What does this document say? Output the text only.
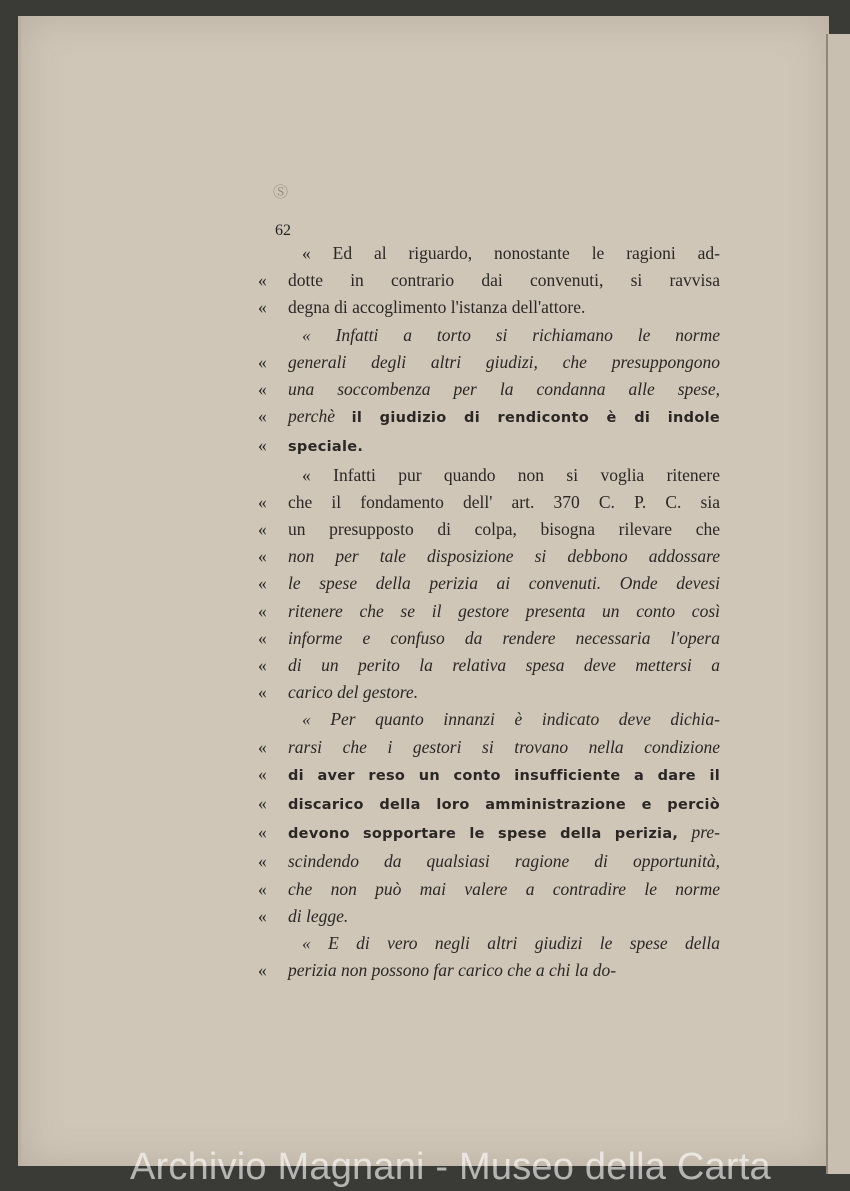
Ⓢ
62
« Ed al riguardo, nonostante le ragioni ad-
« dotte in contrario dai convenuti, si ravvisa
« degna di accoglimento l'istanza dell'attore.
« Infatti a torto si richiamano le norme
« generali degli altri giudizi, che presuppongono
« una soccombenza per la condanna alle spese,
« perchè il giudizio di rendiconto è di indole
« speciale.
« Infatti pur quando non si voglia ritenere
« che il fondamento dell' art. 370 C. P. C. sia
« un presupposto di colpa, bisogna rilevare che
« non per tale disposizione si debbono addossare
« le spese della perizia ai convenuti. Onde devesi
« ritenere che se il gestore presenta un conto così
« informe e confuso da rendere necessaria l'opera
« di un perito la relativa spesa deve mettersi a
« carico del gestore.
« Per quanto innanzi è indicato deve dichia-
« rarsi che i gestori si trovano nella condizione
« di aver reso un conto insufficiente a dare il
« discarico della loro amministrazione e perciò
« devono sopportare le spese della perizia, pre-
« scindendo da qualsiasi ragione di opportunità,
« che non può mai valere a contradire le norme
« di legge.
« E di vero negli altri giudizi le spese della
« perizia non possono far carico che a chi la do-
Archivio Magnani - Museo della Carta
